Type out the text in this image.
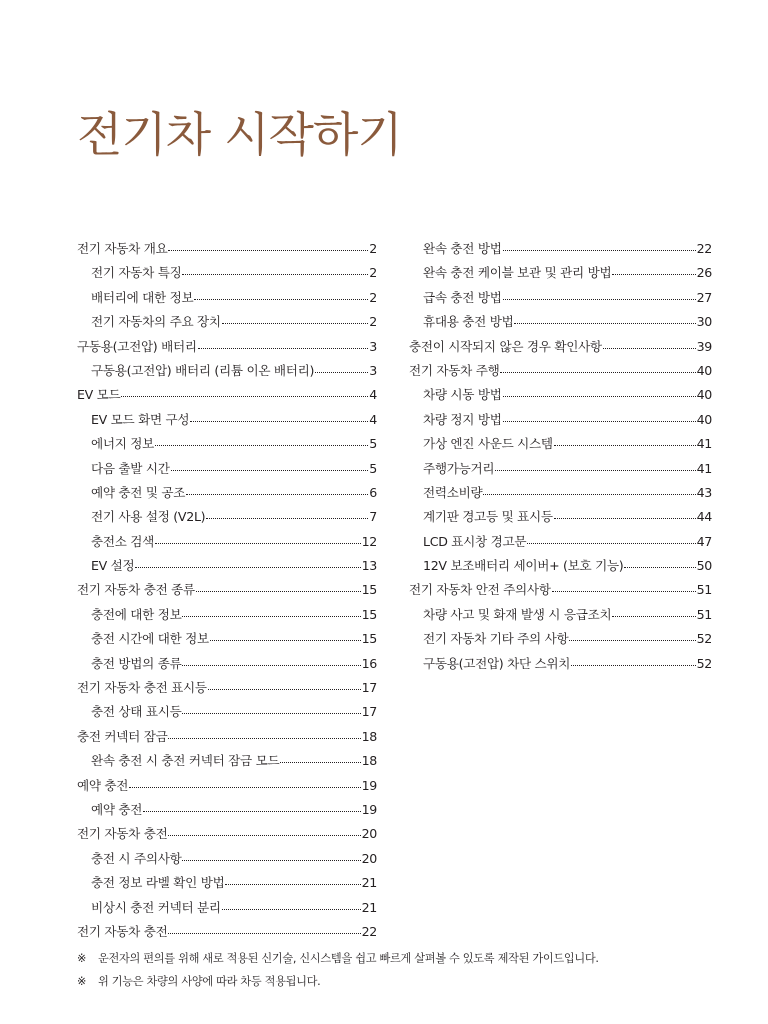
전기차 시작하기
전기 자동차 개요	2
전기 자동차 특징	2
배터리에 대한 정보	2
전기 자동차의 주요 장치	2
구동용(고전압) 배터리	3
구동용(고전압) 배터리 (리튬 이온 배터리)	3
EV 모드	4
EV 모드 화면 구성	4
에너지 정보	5
다음 출발 시간	5
예약 충전 및 공조	6
전기 사용 설정 (V2L)	7
충전소 검색	12
EV 설정	13
전기 자동차 충전 종류	15
충전에 대한 정보	15
충전 시간에 대한 정보	15
충전 방법의 종류	16
전기 자동차 충전 표시등	17
충전 상태 표시등	17
충전 커넥터 잠금	18
완속 충전 시 충전 커넥터 잠금 모드	18
예약 충전	19
예약 충전	19
전기 자동차 충전	20
충전 시 주의사항	20
충전 정보 라벨 확인 방법	21
비상시 충전 커넥터 분리	21
전기 자동차 충전	22
완속 충전 방법	22
완속 충전 케이블 보관 및 관리 방법	26
급속 충전 방법	27
휴대용 충전 방법	30
충전이 시작되지 않은 경우 확인사항	39
전기 자동차 주행	40
차량 시동 방법	40
차량 정지 방법	40
가상 엔진 사운드 시스템	41
주행가능거리	41
전력소비량	43
계기판 경고등 및 표시등	44
LCD 표시창 경고문	47
12V 보조배터리 세이버+ (보호 기능)	50
전기 자동차 안전 주의사항	51
차량 사고 및 화재 발생 시 응급조치	51
전기 자동차 기타 주의 사항	52
구동용(고전압) 차단 스위치	52
※ 운전자의 편의를 위해 새로 적용된 신기술, 신시스템을 쉽고 빠르게 살펴볼 수 있도록 제작된 가이드입니다.
※ 위 기능은 차량의 사양에 따라 차등 적용됩니다.
